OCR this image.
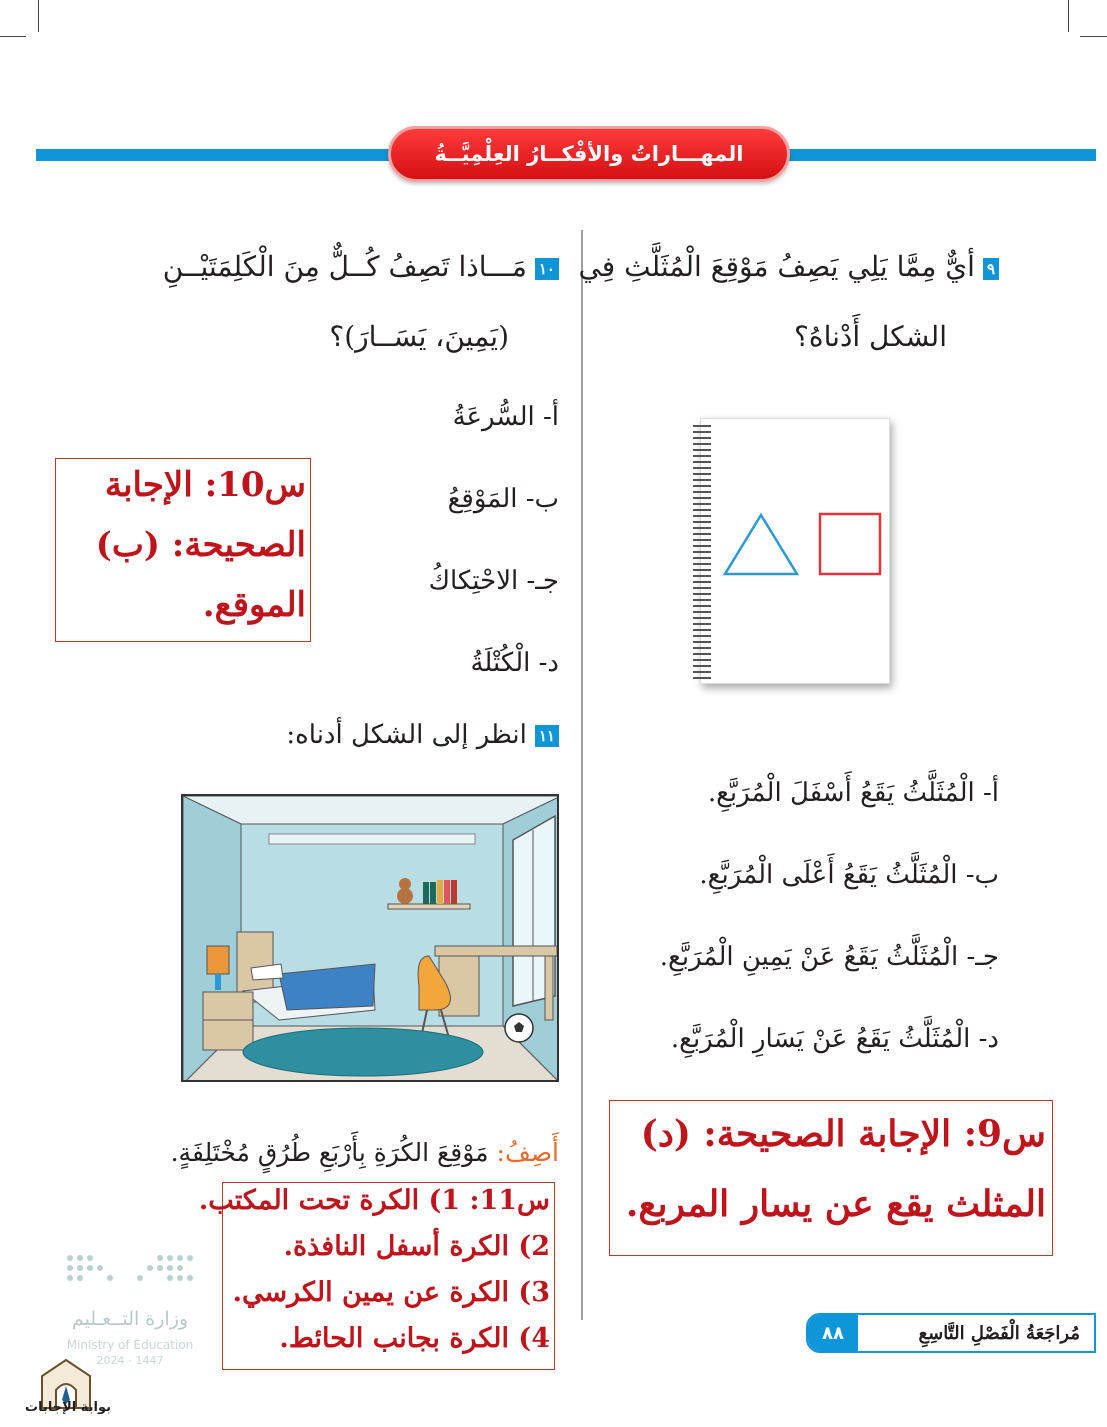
المهـــاراتُ والأفْكــارُ العِلْمِيَّــةُ
٩أيٌّ مِمَّا يَلِي يَصِفُ مَوْقِعَ الْمُثَلَّثِ فِي
الشكل أَدْناهُ؟
أ- الْمُثَلَّثُ يَقَعُ أَسْفَلَ الْمُرَبَّعِ.
ب- الْمُثَلَّثُ يَقَعُ أَعْلَى الْمُرَبَّعِ.
جـ- الْمُثَلَّثُ يَقَعُ عَنْ يَمِينِ الْمُرَبَّعِ.
د- الْمُثَلَّثُ يَقَعُ عَنْ يَسَارِ الْمُرَبَّعِ.
س9: الإجابة الصحيحة: (د)
المثلث يقع عن يسار المربع.
١٠مَـــاذا تَصِفُ كُــلٌّ مِنَ الْكَلِمَتَيْــنِ
(يَمِينَ، يَسَــارَ)؟
أ- السُّرعَةُ
ب- المَوْقِعُ
جـ- الاحْتِكاكُ
د- الْكُتْلَةُ
س10: الإجابة
الصحيحة: (ب)
الموقع.
١١انظر إلى الشكل أدناه:
أَصِفُ: مَوْقِعَ الكُرَةِ بِأَرْبَعِ طُرُقٍ مُخْتَلِفَةٍ.
س11: 1) الكرة تحت المكتب.
2) الكرة أسفل النافذة.
3) الكرة عن يمين الكرسي.
4) الكرة بجانب الحائط.	مُراجَعَةُ الْفَصْلِ التَّاسِعِ
٨٨
وزارة التــعـليم
Ministry of Education
2024 - 1447
بوابة الإجابات
